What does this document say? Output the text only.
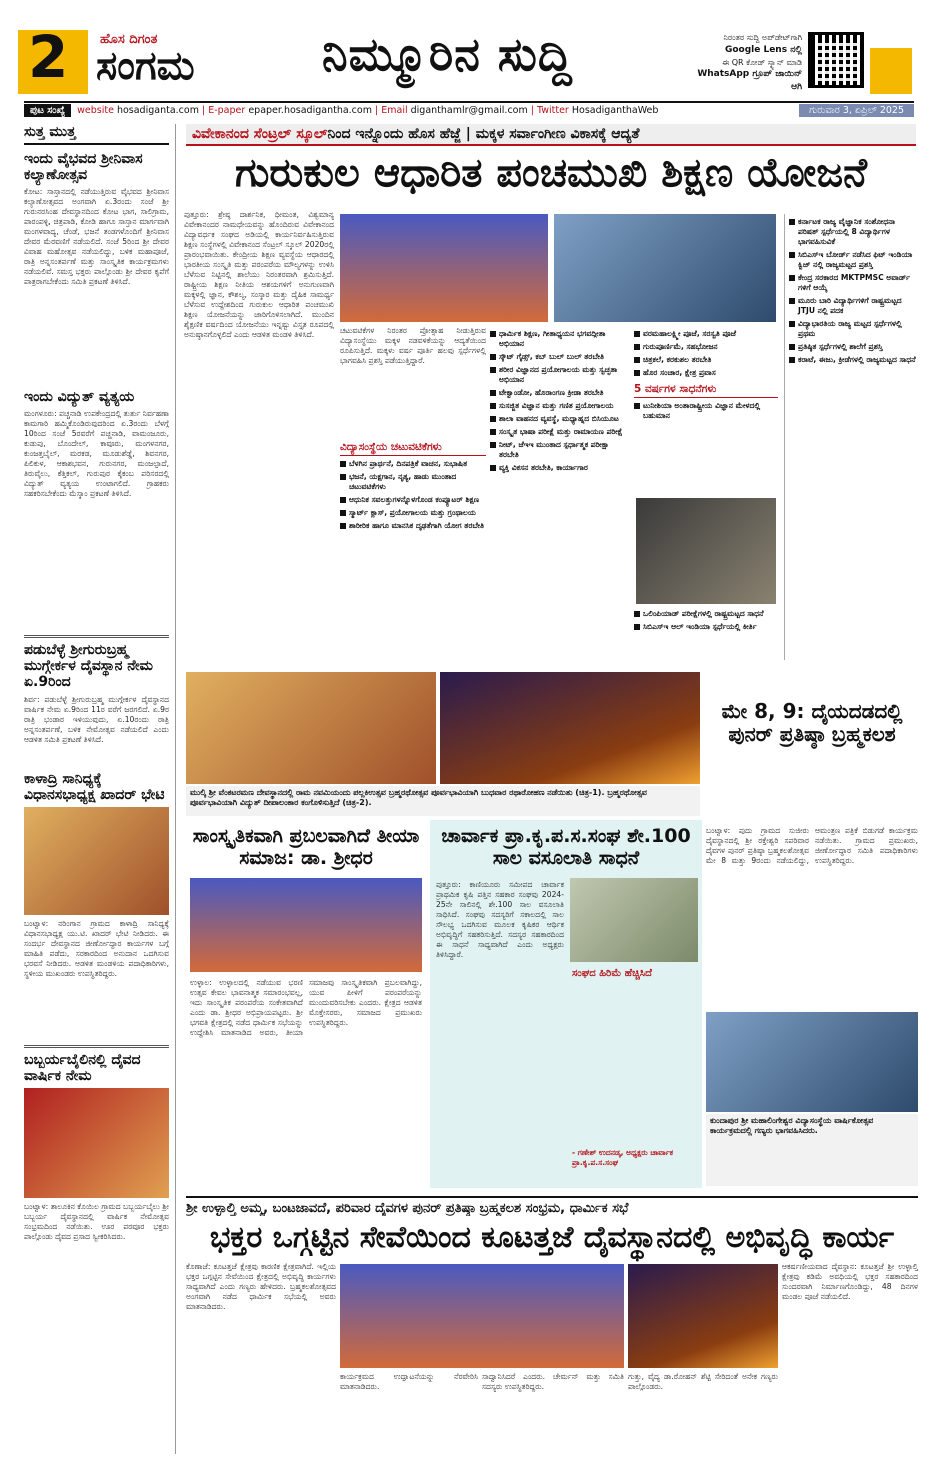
2 ಹೊಸ ದಿಗಂತ
ಸಂಗಮ	ನಿಮ್ಮೂರಿನ ಸುದ್ದಿ	ನಿರಂತರ ಸುದ್ದಿ ಅಪ್‌ಡೇಟ್‌ಗಾಗಿ
Google Lens ನಲ್ಲಿ
ಈ QR ಕೋಡ್ ಸ್ಕ್ಯಾನ್ ಮಾಡಿ
WhatsApp ಗ್ರೂಪ್ ಜಾಯಿನ್ ಆಗಿ
ಪುಟ ಸಂಖ್ಯೆ	website hosadiganta.com | E-paper epaper.hosadigantha.com | Email diganthamlr@gmail.com | Twitter HosadiganthaWeb	ಗುರುವಾರ 3, ಏಪ್ರಿಲ್ 2025
ಸುತ್ತ ಮುತ್ತ
ಇಂದು ವೈಭವದ ಶ್ರೀನಿವಾಸ ಕಲ್ಯಾಣೋತ್ಸವ
ಕೋಟ: ಸಾಸ್ತಾನದಲ್ಲಿ ನಡೆಯುತ್ತಿರುವ ವೈಭವದ ಶ್ರೀನಿವಾಸ ಕಲ್ಯಾಣೋತ್ಸವದ ಅಂಗವಾಗಿ ಏ.3ರಂದು ಸಂಜೆ ಶ್ರೀ ಗುರುನರಸಿಂಹ ದೇವಸ್ಥಾನದಿಂದ ಕೋಟ ಭಾಗ, ಸಾಲಿಗ್ರಾಮ, ಪಾರಂಪಳ್ಳಿ, ಚಿತ್ರಪಾಡಿ, ಕೋಡಿ ಹಾಗೂ ಸಾಸ್ತಾನ ಮಾರ್ಗವಾಗಿ ಮಂಗಳವಾದ್ಯ, ಚೆಂಡೆ, ಭಜನೆ ತಂಡಗಳೊಂದಿಗೆ ಶ್ರೀನಿವಾಸ ದೇವರ ಮೆರವಣಿಗೆ ನಡೆಯಲಿದೆ. ಸಂಜೆ 5ರಿಂದ ಶ್ರೀ ದೇವರ ವಿವಾಹ ಮಹೋತ್ಸವ ನಡೆಯಲಿದ್ದು, ಬಳಿಕ ಮಹಾಪೂಜೆ, ರಾತ್ರಿ ಅನ್ನಸಂತರ್ಪಣೆ ಮತ್ತು ಸಾಂಸ್ಕೃತಿಕ ಕಾರ್ಯಕ್ರಮಗಳು ನಡೆಯಲಿವೆ. ಸಮಸ್ತ ಭಕ್ತರು ಪಾಲ್ಗೊಂಡು ಶ್ರೀ ದೇವರ ಕೃಪೆಗೆ ಪಾತ್ರರಾಗಬೇಕೆಂದು ಸಮಿತಿ ಪ್ರಕಟಣೆ ತಿಳಿಸಿದೆ.
ಇಂದು ವಿದ್ಯುತ್ ವ್ಯತ್ಯಯ
ಮಂಗಳೂರು: ಪಚ್ಚನಾಡಿ ಉಪಕೇಂದ್ರದಲ್ಲಿ ತುರ್ತು ನಿರ್ವಹಣಾ ಕಾಮಗಾರಿ ಹಮ್ಮಿಕೊಂಡಿರುವುದರಿಂದ ಏ.3ರಂದು ಬೆಳಗ್ಗೆ 10ರಿಂದ ಸಂಜೆ 5ರವರೆಗೆ ಪಚ್ಚನಾಡಿ, ವಾಮಂಜೂರು, ಕುಡುಪು, ಬೊಂದೇಲ್, ಕಾವೂರು, ಮಂಗಳನಗರ, ಕುಂಜತ್ತಬೈಲ್, ಮರಕಡ, ಮೂಡುಶೆಡ್ಡೆ, ಶಿವನಗರ, ಪಿಲಿಕುಳ, ಆಕಾಶಭವನ, ಗುರುನಗರ, ಮಂಜಲ್ಪಾದೆ, ತಿರುವೈಲು, ಕೆತ್ತಿಕಲ್, ಗುರುಪುರ ಕೈಕಂಬ ಪರಿಸರದಲ್ಲಿ ವಿದ್ಯುತ್ ವ್ಯತ್ಯಯ ಉಂಟಾಗಲಿದೆ. ಗ್ರಾಹಕರು ಸಹಕರಿಸಬೇಕೆಂದು ಮೆಸ್ಕಾಂ ಪ್ರಕಟಣೆ ತಿಳಿಸಿದೆ.
ಪಡುಬೆಳ್ಳೆ ಶ್ರೀಗುರುಬ್ರಹ್ಮ ಮುಗ್ಗೇರ್ಕಳ ದೈವಸ್ಥಾನ ನೇಮ ಏ.9ರಿಂದ
ಶಿರ್ವ: ಪಡುಬೆಳ್ಳೆ ಶ್ರೀಗುರುಬ್ರಹ್ಮ ಮುಗ್ಗೇರ್ಕಳ ದೈವಸ್ಥಾನದ ವಾರ್ಷಿಕ ನೇಮ ಏ.9ರಿಂದ 11ರ ವರೆಗೆ ಜರಗಲಿದೆ. ಏ.9ರ ರಾತ್ರಿ ಭಂಡಾರ ಇಳಿಯುವುದು, ಏ.10ರಂದು ರಾತ್ರಿ ಅನ್ನಸಂತರ್ಪಣೆ, ಬಳಿಕ ನೇಮೋತ್ಸವ ನಡೆಯಲಿದೆ ಎಂದು ಆಡಳಿತ ಸಮಿತಿ ಪ್ರಕಟಣೆ ತಿಳಿಸಿದೆ.
ಕಾಳಾದ್ರಿ ಸಾನಿಧ್ಯಕ್ಕೆ ವಿಧಾನಸಭಾಧ್ಯಕ್ಷ ಖಾದರ್ ಭೇಟಿ
ಬಂಟ್ವಾಳ: ನರಿಂಗಾನ ಗ್ರಾಮದ ಕಾಳಾದ್ರಿ ಸಾನಿಧ್ಯಕ್ಕೆ ವಿಧಾನಸಭಾಧ್ಯಕ್ಷ ಯು.ಟಿ. ಖಾದರ್ ಭೇಟಿ ನೀಡಿದರು. ಈ ಸಂದರ್ಭ ದೇವಸ್ಥಾನದ ಜೀರ್ಣೋದ್ಧಾರ ಕಾರ್ಯಗಳ ಬಗ್ಗೆ ಮಾಹಿತಿ ಪಡೆದು, ಸರಕಾರದಿಂದ ಅನುದಾನ ಒದಗಿಸುವ ಭರವಸೆ ನೀಡಿದರು. ಆಡಳಿತ ಮಂಡಳಿಯ ಪದಾಧಿಕಾರಿಗಳು, ಸ್ಥಳೀಯ ಮುಖಂಡರು ಉಪಸ್ಥಿತರಿದ್ದರು.
ಬಬ್ಬರ್ಯಬೈಲಿನಲ್ಲಿ ದೈವದ ವಾರ್ಷಿಕ ನೇಮ
ಬಂಟ್ವಾಳ: ತಾಲೂಕಿನ ಕೊಯಿಲ ಗ್ರಾಮದ ಬಬ್ಬರ್ಯಬೈಲು ಶ್ರೀ ಬಬ್ಬರ್ಯ ದೈವಸ್ಥಾನದಲ್ಲಿ ವಾರ್ಷಿಕ ನೇಮೋತ್ಸವ ಸಂಭ್ರಮದಿಂದ ನಡೆಯಿತು. ಊರ ಪರವೂರ ಭಕ್ತರು ಪಾಲ್ಗೊಂಡು ದೈವದ ಪ್ರಸಾದ ಸ್ವೀಕರಿಸಿದರು.
ವಿವೇಕಾನಂದ ಸೆಂಟ್ರಲ್ ಸ್ಕೂಲ್ ನಿಂದ ಇನ್ನೊಂದು ಹೊಸ ಹೆಜ್ಜೆ | ಮಕ್ಕಳ ಸರ್ವಾಂಗೀಣ ವಿಕಾಸಕ್ಕೆ ಆದ್ಯತೆ
ಗುರುಕುಲ ಆಧಾರಿತ ಪಂಚಮುಖಿ ಶಿಕ್ಷಣ ಯೋಜನೆ
ಪುತ್ತೂರು: ಶ್ರೇಷ್ಠ ದಾರ್ಶನಿಕ, ಧೀಮಂತ, ವಿಶ್ವಮಾನ್ಯ ವಿವೇಕಾನಂದರ ನಾಮಧೇಯವನ್ನು ಹೊಂದಿರುವ ವಿವೇಕಾನಂದ ವಿದ್ಯಾವರ್ಧಕ ಸಂಘದ ಅಡಿಯಲ್ಲಿ ಕಾರ್ಯನಿರ್ವಹಿಸುತ್ತಿರುವ ಶಿಕ್ಷಣ ಸಂಸ್ಥೆಗಳಲ್ಲಿ ವಿವೇಕಾನಂದ ಸೆಂಟ್ರಲ್ ಸ್ಕೂಲ್ 2020ರಲ್ಲಿ ಪ್ರಾರಂಭವಾಯಿತು. ಕೇಂದ್ರೀಯ ಶಿಕ್ಷಣ ವ್ಯವಸ್ಥೆಯ ಆಧಾರದಲ್ಲಿ ಭಾರತೀಯ ಸಂಸ್ಕೃತಿ ಮತ್ತು ಪರಂಪರೆಯ ಮೌಲ್ಯಗಳನ್ನು ಉಳಿಸಿ ಬೆಳೆಸುವ ನಿಟ್ಟಿನಲ್ಲಿ ಶಾಲೆಯು ನಿರಂತರವಾಗಿ ಶ್ರಮಿಸುತ್ತಿದೆ. ರಾಷ್ಟ್ರೀಯ ಶಿಕ್ಷಣ ನೀತಿಯ ಆಶಯಗಳಿಗೆ ಅನುಗುಣವಾಗಿ ಮಕ್ಕಳಲ್ಲಿ ಜ್ಞಾನ, ಕೌಶಲ್ಯ, ಸಂಸ್ಕಾರ ಮತ್ತು ದೈಹಿಕ ಸಾಮರ್ಥ್ಯ ಬೆಳೆಸುವ ಉದ್ದೇಶದಿಂದ ಗುರುಕುಲ ಆಧಾರಿತ ಪಂಚಮುಖಿ ಶಿಕ್ಷಣ ಯೋಜನೆಯನ್ನು ಜಾರಿಗೊಳಿಸಲಾಗಿದೆ. ಮುಂದಿನ ಶೈಕ್ಷಣಿಕ ವರ್ಷದಿಂದ ಯೋಜನೆಯು ಇನ್ನಷ್ಟು ವಿಸ್ತೃತ ರೂಪದಲ್ಲಿ ಅನುಷ್ಠಾನಗೊಳ್ಳಲಿದೆ ಎಂದು ಆಡಳಿತ ಮಂಡಳಿ ತಿಳಿಸಿದೆ.	ಚಟುವಟಿಕೆಗಳ ನಿರಂತರ ಪ್ರೋತ್ಸಾಹ ನೀಡುತ್ತಿರುವ ವಿದ್ಯಾಸಂಸ್ಥೆಯು ಮಕ್ಕಳ ನಡವಳಿಕೆಯನ್ನು ಆದ್ಯತೆಯಿಂದ ರೂಪಿಸುತ್ತಿದೆ. ಮಕ್ಕಳು ವರ್ಷ ಪೂರ್ತಿ ಹಲವು ಸ್ಪರ್ಧೆಗಳಲ್ಲಿ ಭಾಗವಹಿಸಿ ಪ್ರಶಸ್ತಿ ಪಡೆಯುತ್ತಿದ್ದಾರೆ.
ವಿದ್ಯಾಸಂಸ್ಥೆಯ ಚಟುವಟಿಕೆಗಳು
ಬೆಳಗಿನ ಪ್ರಾರ್ಥನೆ, ದಿನಪತ್ರಿಕೆ ವಾಚನ, ಸುಭಾಷಿತ
ಭಜನೆ, ಯಕ್ಷಗಾನ, ನೃತ್ಯ, ಹಾಡು ಮುಂತಾದ ಚಟುವಟಿಕೆಗಳು
ಆಧುನಿಕ ಸವಲತ್ತುಗಳನ್ನೊಳಗೊಂಡ ಕಂಪ್ಯೂಟರ್ ಶಿಕ್ಷಣ
ಸ್ಮಾರ್ಟ್ ಕ್ಲಾಸ್, ಪ್ರಯೋಗಾಲಯ ಮತ್ತು ಗ್ರಂಥಾಲಯ
ಶಾರೀರಿಕ ಹಾಗೂ ಮಾನಸಿಕ ದೃಢತೆಗಾಗಿ ಯೋಗ ತರಬೇತಿ
ಧಾರ್ಮಿಕ ಶಿಕ್ಷಣ, ಗೀತಾಧ್ಯಯನ ಭಗವದ್ಗೀತಾ ಅಭಿಯಾನ
ಸ್ಕೌಟ್ ಗೈಡ್ಸ್, ಕಬ್ ಬುಲ್ ಬುಲ್ ತರಬೇತಿ
ಶರೀರ ವಿಜ್ಞಾನದ ಪ್ರಯೋಗಾಲಯ ಮತ್ತು ಸ್ವಚ್ಛತಾ ಅಭಿಯಾನ
ಟೇಕ್ವಾಂಡೋ, ಹೊರಾಂಗಣ ಕ್ರೀಡಾ ತರಬೇತಿ
ಸುಸಜ್ಜಿತ ವಿಜ್ಞಾನ ಮತ್ತು ಗಣಿತ ಪ್ರಯೋಗಾಲಯ
ಶಾಲಾ ವಾಹನದ ವ್ಯವಸ್ಥೆ, ಮಧ್ಯಾಹ್ನದ ಬಿಸಿಯೂಟ
ಸಂಸ್ಕೃತ ಭಾಷಾ ಪರೀಕ್ಷೆ ಮತ್ತು ರಾಮಾಯಣ ಪರೀಕ್ಷೆ
ನೀಟ್, ಜೆಇಇ ಮುಂತಾದ ಸ್ಪರ್ಧಾತ್ಮಕ ಪರೀಕ್ಷಾ ತರಬೇತಿ
ವ್ಯಕ್ತಿ ವಿಕಸನ ತರಬೇತಿ, ಕಾರ್ಯಾಗಾರ
ವರಮಹಾಲಕ್ಷ್ಮೀ ಪೂಜೆ, ಸರಸ್ವತಿ ಪೂಜೆ
ಗುರುಪೂರ್ಣಿಮೆ, ಸಹಭೋಜನ
ಚಿತ್ರಕಲೆ, ಕರಕುಶಲ ತರಬೇತಿ
ಹೊರ ಸಂಚಾರ, ಕ್ಷೇತ್ರ ಪ್ರವಾಸ
5 ವರ್ಷಗಳ ಸಾಧನೆಗಳು
ಟುನೀಶಿಯಾ ಅಂತಾರಾಷ್ಟ್ರೀಯ ವಿಜ್ಞಾನ ಮೇಳದಲ್ಲಿ ಬಹುಮಾನ
ಒಲಿಂಪಿಯಾಡ್ ಪರೀಕ್ಷೆಗಳಲ್ಲಿ ರಾಷ್ಟ್ರಮಟ್ಟದ ಸಾಧನೆ
ಸಿಬಿಎಸ್ಇ ಆಲ್ ಇಂಡಿಯಾ ಸ್ಪರ್ಧೆಯಲ್ಲಿ ಕೀರ್ತಿ
ಕರ್ನಾಟಕ ರಾಜ್ಯ ವೈಜ್ಞಾನಿಕ ಸಂಶೋಧನಾ ಪರಿಷತ್ ಸ್ಪರ್ಧೆಯಲ್ಲಿ 8 ವಿದ್ಯಾರ್ಥಿಗಳ ಭಾಗವಹಿಸುವಿಕೆ
ಸಿಬಿಎಸ್ಇ ಬೋರ್ಡ್ ನಡೆಸಿದ ಫಿಟ್ ಇಂಡಿಯಾ ಕ್ವಿಜ್ ನಲ್ಲಿ ರಾಜ್ಯಮಟ್ಟದ ಪ್ರಶಸ್ತಿ
ಕೇಂದ್ರ ಸರಕಾರದ MKTPMSC ಅವಾರ್ಡ್ ಗಳಿಗೆ ಆಯ್ಕೆ
ಮೂರು ಬಾರಿ ವಿದ್ಯಾರ್ಥಿಗಳಿಗೆ ರಾಷ್ಟ್ರಮಟ್ಟದ JTJU ನಲ್ಲಿ ಪದಕ
ವಿದ್ಯಾಭಾರತಿಯ ರಾಜ್ಯ ಮಟ್ಟದ ಸ್ಪರ್ಧೆಗಳಲ್ಲಿ ಪ್ರಥಮ
ಪ್ರತಿಷ್ಠಿತ ಸ್ಪರ್ಧೆಗಳಲ್ಲಿ ಶಾಲೆಗೆ ಪ್ರಶಸ್ತಿ
ಕರಾಟೆ, ಈಜು, ಕ್ರೀಡೆಗಳಲ್ಲಿ ರಾಜ್ಯಮಟ್ಟದ ಸಾಧನೆ
ಮುಲ್ಕಿ ಶ್ರೀ ವೆಂಕಟರಮಣ ದೇವಸ್ಥಾನದಲ್ಲಿ ರಾಮ ನವಮಿಯಂದು ಪಲ್ಲಕಿಉತ್ಸವ ಬ್ರಹ್ಮರಥೋತ್ಸವ ಪೂರ್ವಭಾವಿಯಾಗಿ ಬುಧವಾರ ರಥಾರೋಹಣ ನಡೆಯಿತು (ಚಿತ್ರ-1). ಬ್ರಹ್ಮರಥೋತ್ಸವ ಪೂರ್ವಭಾವಿಯಾಗಿ ವಿದ್ಯುತ್ ದೀಪಾಲಂಕಾರ ಕಂಗೊಳಿಸುತ್ತಿದೆ (ಚಿತ್ರ-2).
ಮೇ 8, 9: ದೈಯದಡದಲ್ಲಿ ಪುನರ್ ಪ್ರತಿಷ್ಠಾ ಬ್ರಹ್ಮಕಲಶ
ಸಾಂಸ್ಕೃತಿಕವಾಗಿ ಪ್ರಬಲವಾಗಿದೆ ತೀಯಾ ಸಮಾಜ: ಡಾ. ಶ್ರೀಧರ
ಉಳ್ಳಾಲ: ಉಳ್ಳಾಲದಲ್ಲಿ ನಡೆಯುವ ಭರಣಿ ಉತ್ಸವ ಕೇವಲ ಭಾವನಾತ್ಮಕ ಸಮಾರಂಭವಲ್ಲ, ಇದು ಸಾಂಸ್ಕೃತಿಕ ಪರಂಪರೆಯ ಸಂಕೇತವಾಗಿದೆ ಎಂದು ಡಾ. ಶ್ರೀಧರ ಅಭಿಪ್ರಾಯಪಟ್ಟರು. ಶ್ರೀ ಭಗವತಿ ಕ್ಷೇತ್ರದಲ್ಲಿ ನಡೆದ ಧಾರ್ಮಿಕ ಸಭೆಯನ್ನು ಉದ್ದೇಶಿಸಿ ಮಾತನಾಡಿದ ಅವರು, ತೀಯಾ ಸಮಾಜವು ಸಾಂಸ್ಕೃತಿಕವಾಗಿ ಪ್ರಬಲವಾಗಿದ್ದು, ಯುವ ಪೀಳಿಗೆ ಪರಂಪರೆಯನ್ನು ಮುಂದುವರಿಸಬೇಕು ಎಂದರು. ಕ್ಷೇತ್ರದ ಆಡಳಿತ ಮೊಕ್ತೇಸರರು, ಸಮಾಜದ ಪ್ರಮುಖರು ಉಪಸ್ಥಿತರಿದ್ದರು.
ಚಾರ್ವಾಕ ಪ್ರಾ.ಕೃ.ಪ.ಸ.ಸಂಘ ಶೇ.100 ಸಾಲ ವಸೂಲಾತಿ ಸಾಧನೆ
ಪುತ್ತೂರು: ಕಾಣಿಯೂರು ಸಮೀಪದ ಚಾರ್ವಾಕ ಪ್ರಾಥಮಿಕ ಕೃಷಿ ಪತ್ತಿನ ಸಹಕಾರ ಸಂಘವು 2024-25ನೇ ಸಾಲಿನಲ್ಲಿ ಶೇ.100 ಸಾಲ ವಸೂಲಾತಿ ಸಾಧಿಸಿದೆ. ಸಂಘವು ಸದಸ್ಯರಿಗೆ ಸಕಾಲದಲ್ಲಿ ಸಾಲ ಸೌಲಭ್ಯ ಒದಗಿಸುವ ಮೂಲಕ ಕೃಷಿಕರ ಆರ್ಥಿಕ ಅಭಿವೃದ್ಧಿಗೆ ಸಹಕರಿಸುತ್ತಿದೆ. ಸದಸ್ಯರ ಸಹಕಾರದಿಂದ ಈ ಸಾಧನೆ ಸಾಧ್ಯವಾಗಿದೆ ಎಂದು ಅಧ್ಯಕ್ಷರು ತಿಳಿಸಿದ್ದಾರೆ.
ಸಂಘದ ಹಿರಿಮೆ ಹೆಚ್ಚಿಸಿದೆ
- ಗಣೇಶ್ ಉದನಡ್ಕ, ಅಧ್ಯಕ್ಷರು ಚಾರ್ವಾಕ ಪ್ರಾ.ಕೃ.ಪ.ಸ.ಸಂಘ
ಬಂಟ್ವಾಳ: ಪುದು ಗ್ರಾಮದ ಸುಜೀರು ದೈವಸ್ಥಾನದಲ್ಲಿ ಶ್ರೀ ರಕ್ತೇಶ್ವರಿ ಸಪರಿವಾರ ದೈವಗಳ ಪುನರ್ ಪ್ರತಿಷ್ಠಾ ಬ್ರಹ್ಮಕಲಶೋತ್ಸವ ಮೇ 8 ಮತ್ತು 9ರಂದು ನಡೆಯಲಿದ್ದು, ಆಮಂತ್ರಣ ಪತ್ರಿಕೆ ಬಿಡುಗಡೆ ಕಾರ್ಯಕ್ರಮ ನಡೆಯಿತು. ಗ್ರಾಮದ ಪ್ರಮುಖರು, ಜೀರ್ಣೋದ್ಧಾರ ಸಮಿತಿ ಪದಾಧಿಕಾರಿಗಳು ಉಪಸ್ಥಿತರಿದ್ದರು.
ಕುಂದಾಪುರ ಶ್ರೀ ಮಹಾಲಿಂಗೇಶ್ವರ ವಿದ್ಯಾಸಂಸ್ಥೆಯ ವಾರ್ಷಿಕೋತ್ಸವ ಕಾರ್ಯಕ್ರಮದಲ್ಲಿ ಗಣ್ಯರು ಭಾಗವಹಿಸಿದರು.
ಶ್ರೀ ಉಳ್ಳಾಲ್ತಿ ಅಮ್ಮ, ಬಂಟಜಾವದೆ, ಪರಿವಾರ ದೈವಗಳ ಪುನರ್ ಪ್ರತಿಷ್ಠಾ ಬ್ರಹ್ಮಕಲಶ ಸಂಭ್ರಮ, ಧಾರ್ಮಿಕ ಸಭೆ
ಭಕ್ತರ ಒಗ್ಗಟ್ಟಿನ ಸೇವೆಯಿಂದ ಕೂಟತ್ತಜೆ ದೈವಸ್ಥಾನದಲ್ಲಿ ಅಭಿವೃದ್ಧಿ ಕಾರ್ಯ
ಕೊಣಾಜೆ: ಕೂಟತ್ತಜೆ ಕ್ಷೇತ್ರವು ಕಾರಣಿಕ ಕ್ಷೇತ್ರವಾಗಿದೆ. ಇಲ್ಲಿಯ ಭಕ್ತರ ಒಗ್ಗಟ್ಟಿನ ಸೇವೆಯಿಂದ ಕ್ಷೇತ್ರದಲ್ಲಿ ಅಭಿವೃದ್ಧಿ ಕಾರ್ಯಗಳು ಸಾಧ್ಯವಾಗಿದೆ ಎಂದು ಗಣ್ಯರು ಹೇಳಿದರು. ಬ್ರಹ್ಮಕಲಶೋತ್ಸವದ ಅಂಗವಾಗಿ ನಡೆದ ಧಾರ್ಮಿಕ ಸಭೆಯಲ್ಲಿ ಅವರು ಮಾತನಾಡಿದರು.
ಆಕರ್ಷಣೀಯವಾದ ದೈವಸ್ಥಾನ: ಕೂಟತ್ತಜೆ ಶ್ರೀ ಉಳ್ಳಾಲ್ತಿ ಕ್ಷೇತ್ರವು ಕಡಿಮೆ ಅವಧಿಯಲ್ಲಿ ಭಕ್ತರ ಸಹಕಾರದಿಂದ ಸುಂದರವಾಗಿ ನಿರ್ಮಾಣಗೊಂಡಿದ್ದು, 48 ದಿನಗಳ ಮಂಡಲ ಪೂಜೆ ನಡೆಯಲಿದೆ.
ಕಾರ್ಯಕ್ರಮದ ಉದ್ಘಾಟನೆಯನ್ನು ನೆರವೇರಿಸಿ ಮಾತನಾಡಿದರು.
ಸಾದ್ವಾನಿಸಿದರೆ ಎಂದರು. ಚೇರ್ಮನ್ ಮತ್ತು ಸಮಿತಿ ಸದಸ್ಯರು ಉಪಸ್ಥಿತರಿದ್ದರು.
ಗುತ್ತು, ವೈದ್ಯ ಡಾ.ರೋಹನ್ ಶೆಟ್ಟಿ ಸೇರಿದಂತೆ ಅನೇಕ ಗಣ್ಯರು ಪಾಲ್ಗೊಂಡರು.
